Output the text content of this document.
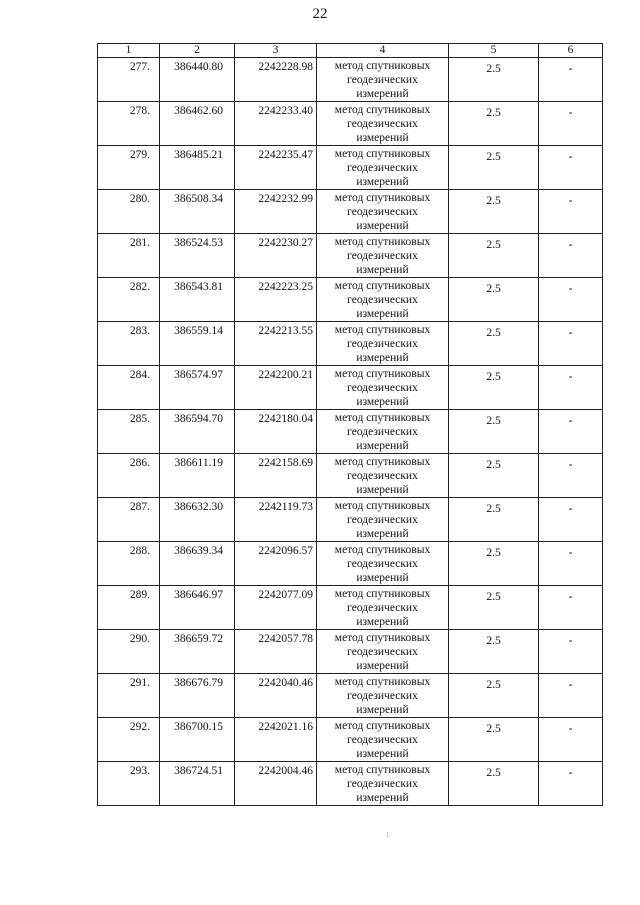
22
1	2	3	4	5	6
277.	386440.80	2242228.98	метод спутниковых
геодезических
измерений	2.5	-
278.	386462.60	2242233.40	метод спутниковых
геодезических
измерений	2.5	-
279.	386485.21	2242235.47	метод спутниковых
геодезических
измерений	2.5	-
280.	386508.34	2242232.99	метод спутниковых
геодезических
измерений	2.5	-
281.	386524.53	2242230.27	метод спутниковых
геодезических
измерений	2.5	-
282.	386543.81	2242223.25	метод спутниковых
геодезических
измерений	2.5	-
283.	386559.14	2242213.55	метод спутниковых
геодезических
измерений	2.5	-
284.	386574.97	2242200.21	метод спутниковых
геодезических
измерений	2.5	-
285.	386594.70	2242180.04	метод спутниковых
геодезических
измерений	2.5	-
286.	386611.19	2242158.69	метод спутниковых
геодезических
измерений	2.5	-
287.	386632.30	2242119.73	метод спутниковых
геодезических
измерений	2.5	-
288.	386639.34	2242096.57	метод спутниковых
геодезических
измерений	2.5	-
289.	386646.97	2242077.09	метод спутниковых
геодезических
измерений	2.5	-
290.	386659.72	2242057.78	метод спутниковых
геодезических
измерений	2.5	-
291.	386676.79	2242040.46	метод спутниковых
геодезических
измерений	2.5	-
292.	386700.15	2242021.16	метод спутниковых
геодезических
измерений	2.5	-
293.	386724.51	2242004.46	метод спутниковых
геодезических
измерений	2.5	-
⁏
